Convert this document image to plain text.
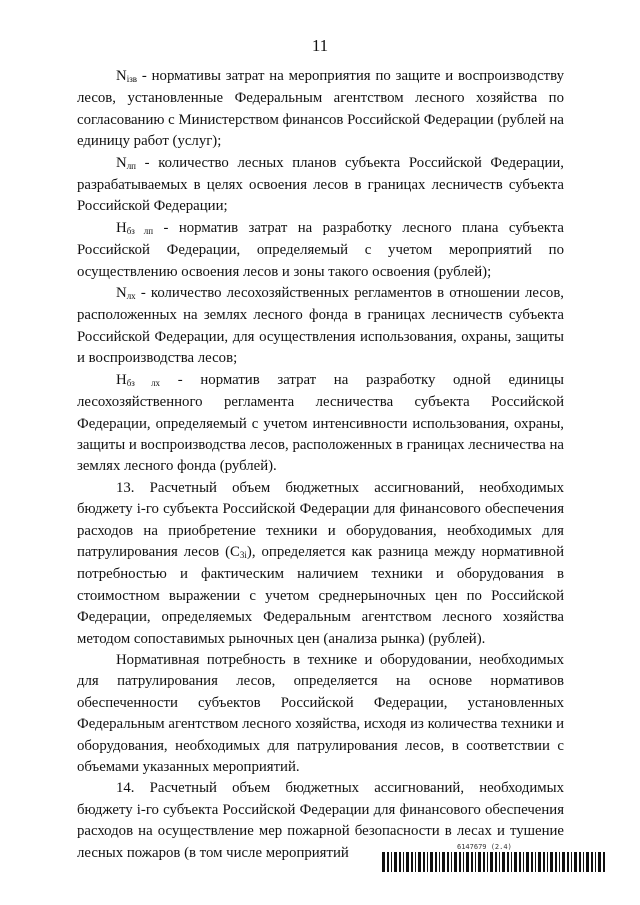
11

$N_{iзв}$ - нормативы затрат на мероприятия по защите и воспроизводству лесов, установленные Федеральным агентством лесного хозяйства по согласованию с Министерством финансов Российской Федерации (рублей на единицу работ (услуг);

$N_{лп}$ - количество лесных планов субъекта Российской Федерации, разрабатываемых в целях освоения лесов в границах лесничеств субъекта Российской Федерации;

$Н_{бз лп}$ - норматив затрат на разработку лесного плана субъекта Российской Федерации, определяемый с учетом мероприятий по осуществлению освоения лесов и зоны такого освоения (рублей);

$N_{лх}$ - количество лесохозяйственных регламентов в отношении лесов, расположенных на землях лесного фонда в границах лесничеств субъекта Российской Федерации, для осуществления использования, охраны, защиты и воспроизводства лесов;

$Н_{бз лх}$ - норматив затрат на разработку одной единицы лесохозяйственного регламента лесничества субъекта Российской Федерации, определяемый с учетом интенсивности использования, охраны, защиты и воспроизводства лесов, расположенных в границах лесничества на землях лесного фонда (рублей).

13. Расчетный объем бюджетных ассигнований, необходимых бюджету i-го субъекта Российской Федерации для финансового обеспечения расходов на приобретение техники и оборудования, необходимых для патрулирования лесов $(С_{3i})$, определяется как разница между нормативной потребностью и фактическим наличием техники и оборудования в стоимостном выражении с учетом среднерыночных цен по Российской Федерации, определяемых Федеральным агентством лесного хозяйства методом сопоставимых рыночных цен (анализа рынка) (рублей).

Нормативная потребность в технике и оборудовании, необходимых для патрулирования лесов, определяется на основе нормативов обеспеченности субъектов Российской Федерации, установленных Федеральным агентством лесного хозяйства, исходя из количества техники и оборудования, необходимых для патрулирования лесов, в соответствии с объемами указанных мероприятий.

14. Расчетный объем бюджетных ассигнований, необходимых бюджету i-го субъекта Российской Федерации для финансового обеспечения расходов на осуществление мер пожарной безопасности в лесах и тушение лесных пожаров (в том числе мероприятий	6147679 (2.4)
